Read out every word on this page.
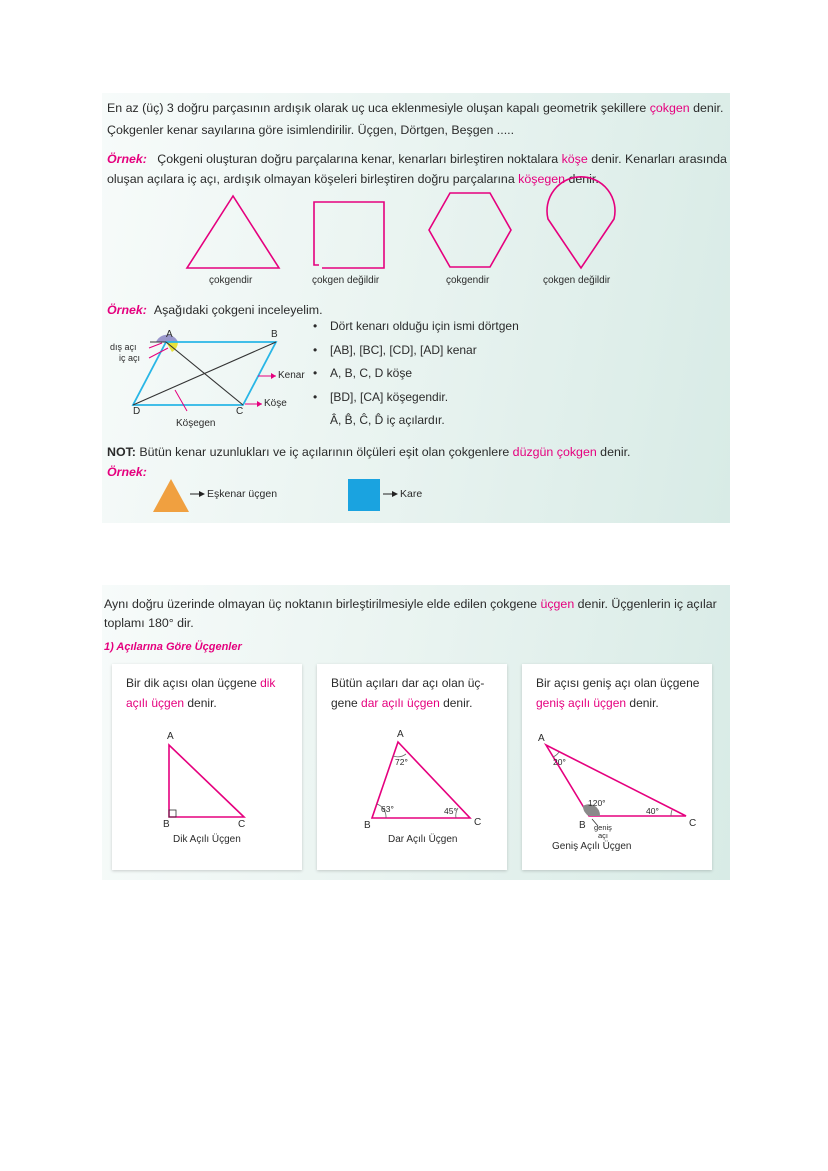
En az (üç) 3 doğru parçasının ardışık olarak uç uca eklenmesiyle oluşan kapalı geometrik şekillere çokgen denir.
Çokgenler kenar sayılarına göre isimlendirilir. Üçgen, Dörtgen, Beşgen .....
Örnek: Çokgeni oluşturan doğru parçalarına kenar, kenarları birleştiren noktalara köşe denir. Kenarları arasında
oluşan açılara iç açı, ardışık olmayan köşeleri birleştiren doğru parçalarına köşegen denir.
çokgendir	çokgen değildir	çokgendir	çokgen değildir
Örnek: Aşağıdaki çokgeni inceleyelim.
A	B
C
D
dış açı
iç açı
Kenar
Köşe
Köşegen
• Dört kenarı olduğu için ismi dörtgen
• [AB], [BC], [CD], [AD] kenar
• A, B, C, D köşe
• [BD], [CA] köşegendir.
Â, B̂, Ĉ, D̂ iç açılardır.
NOT: Bütün kenar uzunlukları ve iç açılarının ölçüleri eşit olan çokgenlere düzgün çokgen denir.
Örnek:
Eşkenar üçgen	Kare
Aynı doğru üzerinde olmayan üç noktanın birleştirilmesiyle elde edilen çokgene üçgen denir. Üçgenlerin iç açılar
toplamı 180° dir.
1) Açılarına Göre Üçgenler
Bir dik açısı olan üçgene dik
açılı üçgen denir.
A
B	C
Dik Açılı Üçgen
Bütün açıları dar açı olan üç-
gene dar açılı üçgen denir.
A
B	C
72°
63°	45°
Dar Açılı Üçgen
Bir açısı geniş açı olan üçgene
geniş açılı üçgen denir.
A
B	C
20°
120°
40°
geniş
açı
Geniş Açılı Üçgen
